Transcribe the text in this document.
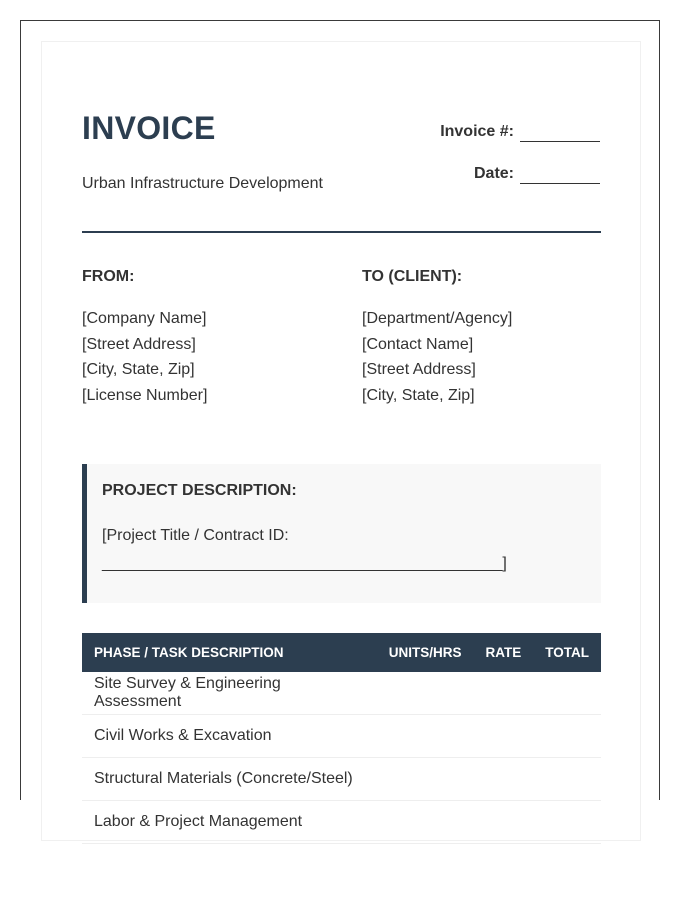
INVOICE
Urban Infrastructure Development
Invoice #:
Date:
FROM:
[Company Name]
[Street Address]
[City, State, Zip]
[License Number]
TO (CLIENT):
[Department/Agency]
[Contact Name]
[Street Address]
[City, State, Zip]
PROJECT DESCRIPTION:
[Project Title / Contract ID:
_____________________________________________]
PHASE / TASK DESCRIPTION	UNITS/HRS	RATE	TOTAL
Site Survey & Engineering Assessment			
Civil Works & Excavation			
Structural Materials (Concrete/Steel)			
Labor & Project Management			
